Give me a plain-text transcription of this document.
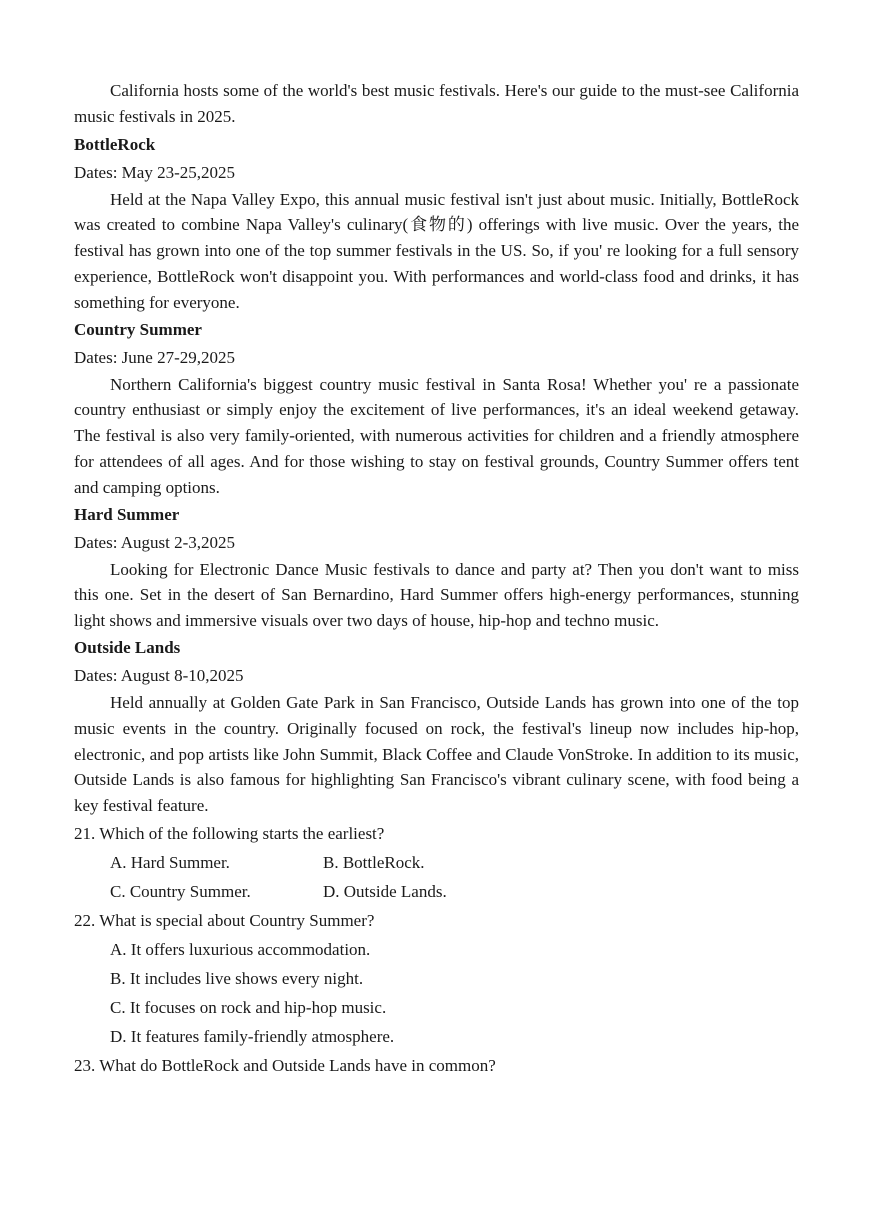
California hosts some of the world's best music festivals. Here's our guide to the must-see California music festivals in 2025.

BottleRock

Dates: May 23-25,2025

Held at the Napa Valley Expo, this annual music festival isn't just about music. Initially, BottleRock was created to combine Napa Valley's culinary(食物的) offerings with live music. Over the years, the festival has grown into one of the top summer festivals in the US. So, if you' re looking for a full sensory experience, BottleRock won't disappoint you. With performances and world-class food and drinks, it has something for everyone.

Country Summer

Dates: June 27-29,2025

Northern California's biggest country music festival in Santa Rosa! Whether you' re a passionate country enthusiast or simply enjoy the excitement of live performances, it's an ideal weekend getaway. The festival is also very family-oriented, with numerous activities for children and a friendly atmosphere for attendees of all ages. And for those wishing to stay on festival grounds, Country Summer offers tent and camping options.

Hard Summer

Dates: August 2-3,2025

Looking for Electronic Dance Music festivals to dance and party at? Then you don't want to miss this one. Set in the desert of San Bernardino, Hard Summer offers high-energy performances, stunning light shows and immersive visuals over two days of house, hip-hop and techno music.

Outside Lands

Dates: August 8-10,2025

Held annually at Golden Gate Park in San Francisco, Outside Lands has grown into one of the top music events in the country. Originally focused on rock, the festival's lineup now includes hip-hop, electronic, and pop artists like John Summit, Black Coffee and Claude VonStroke. In addition to its music, Outside Lands is also famous for highlighting San Francisco's vibrant culinary scene, with food being a key festival feature.

21. Which of the following starts the earliest?

A. Hard Summer.	B. BottleRock.
C. Country Summer.	D. Outside Lands.

22. What is special about Country Summer?

A. It offers luxurious accommodation.

B. It includes live shows every night.

C. It focuses on rock and hip-hop music.

D. It features family-friendly atmosphere.

23. What do BottleRock and Outside Lands have in common?
